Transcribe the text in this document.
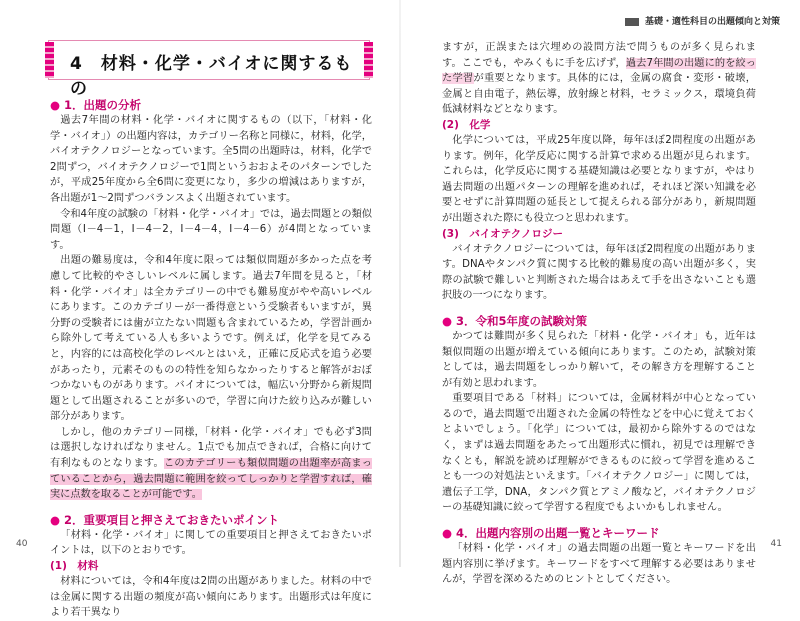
4　材料・化学・バイオに関するもの

● 1．出題の分析

過去7年間の材料・化学・バイオに関するもの（以下，「材料・化学・バイオ」）の出題内容は，カテゴリー名称と同様に，材料，化学，バイオテクノロジーとなっています。全5問の出題時は，材料，化学で2問ずつ，バイオテクノロジーで1問というおおよそのパターンでしたが，平成25年度から全6問に変更になり，多少の増減はありますが，各出題が1～2問ずつバランスよく出題されています。

令和4年度の試験の「材料・化学・バイオ」では，過去問題との類似問題（Ⅰ－4－1，Ⅰ－4－2，Ⅰ－4－4，Ⅰ－4－6）が4問となっています。

出題の難易度は，令和4年度に限っては類似問題が多かった点を考慮して比較的やさしいレベルに属します。過去7年間を見ると，「材料・化学・バイオ」は全カテゴリーの中でも難易度がやや高いレベルにあります。このカテゴリーが一番得意という受験者もいますが，異分野の受験者には歯が立たない問題も含まれているため，学習計画から除外して考えている人も多いようです。例えば，化学を見てみると，内容的には高校化学のレベルとはいえ，正確に反応式を追う必要があったり，元素そのものの特性を知らなかったりすると解答がおぼつかないものがあります。バイオについては，幅広い分野から新規問題として出題されることが多いので，学習に向けた絞り込みが難しい部分があります。

しかし，他のカテゴリー同様，「材料・化学・バイオ」でも必ず3問は選択しなければなりません。1点でも加点できれば，合格に向けて有利なものとなります。このカテゴリーも類似問題の出題率が高まっていることから，過去問題に範囲を絞ってしっかりと学習すれば，確実に点数を取ることが可能です。

● 2．重要項目と押さえておきたいポイント

「材料・化学・バイオ」に関しての重要項目と押さえておきたいポイントは，以下のとおりです。

(1)　材料

材料については，令和4年度は2問の出題がありました。材料の中では金属に関する出題の頻度が高い傾向にあります。出題形式は年度により若干異なり

40
基礎・適性科目の出題傾向と対策

ますが，正誤または穴埋めの設問方法で問うものが多く見られます。ここでも，やみくもに手を広げず，過去7年間の出題に的を絞った学習が重要となります。具体的には，金属の腐食・変形・破壊，金属と自由電子，熱伝導，放射線と材料，セラミックス，環境負荷低減材料などとなります。

(2)　化学

化学については，平成25年度以降，毎年ほぼ2問程度の出題があります。例年，化学反応に関する計算で求める出題が見られます。これらは，化学反応に関する基礎知識は必要となりますが，やはり過去問題の出題パターンの理解を進めれば，それほど深い知識を必要とせずに計算問題の延長として捉えられる部分があり，新規問題が出題された際にも役立つと思われます。

(3)　バイオテクノロジー

バイオテクノロジーについては，毎年ほぼ2問程度の出題があります。DNAやタンパク質に関する比較的難易度の高い出題が多く，実際の試験で難しいと判断された場合はあえて手を出さないことも選択肢の一つになります。

● 3．令和5年度の試験対策

かつては難問が多く見られた「材料・化学・バイオ」も，近年は類似問題の出題が増えている傾向にあります。このため，試験対策としては，過去問題をしっかり解いて，その解き方を理解することが有効と思われます。

重要項目である「材料」については，金属材料が中心となっているので，過去問題で出題された金属の特性などを中心に覚えておくとよいでしょう。「化学」については，最初から除外するのではなく，まずは過去問題をあたって出題形式に慣れ，初見では理解できなくとも，解説を読めば理解ができるものに絞って学習を進めることも一つの対処法といえます。「バイオテクノロジー」に関しては，遺伝子工学，DNA，タンパク質とアミノ酸など，バイオテクノロジーの基礎知識に絞って学習する程度でもよいかもしれません。

● 4．出題内容別の出題一覧とキーワード

「材料・化学・バイオ」の過去問題の出題一覧とキーワードを出題内容別に挙げます。キーワードをすべて理解する必要はありませんが，学習を深めるためのヒントとしてください。

41
